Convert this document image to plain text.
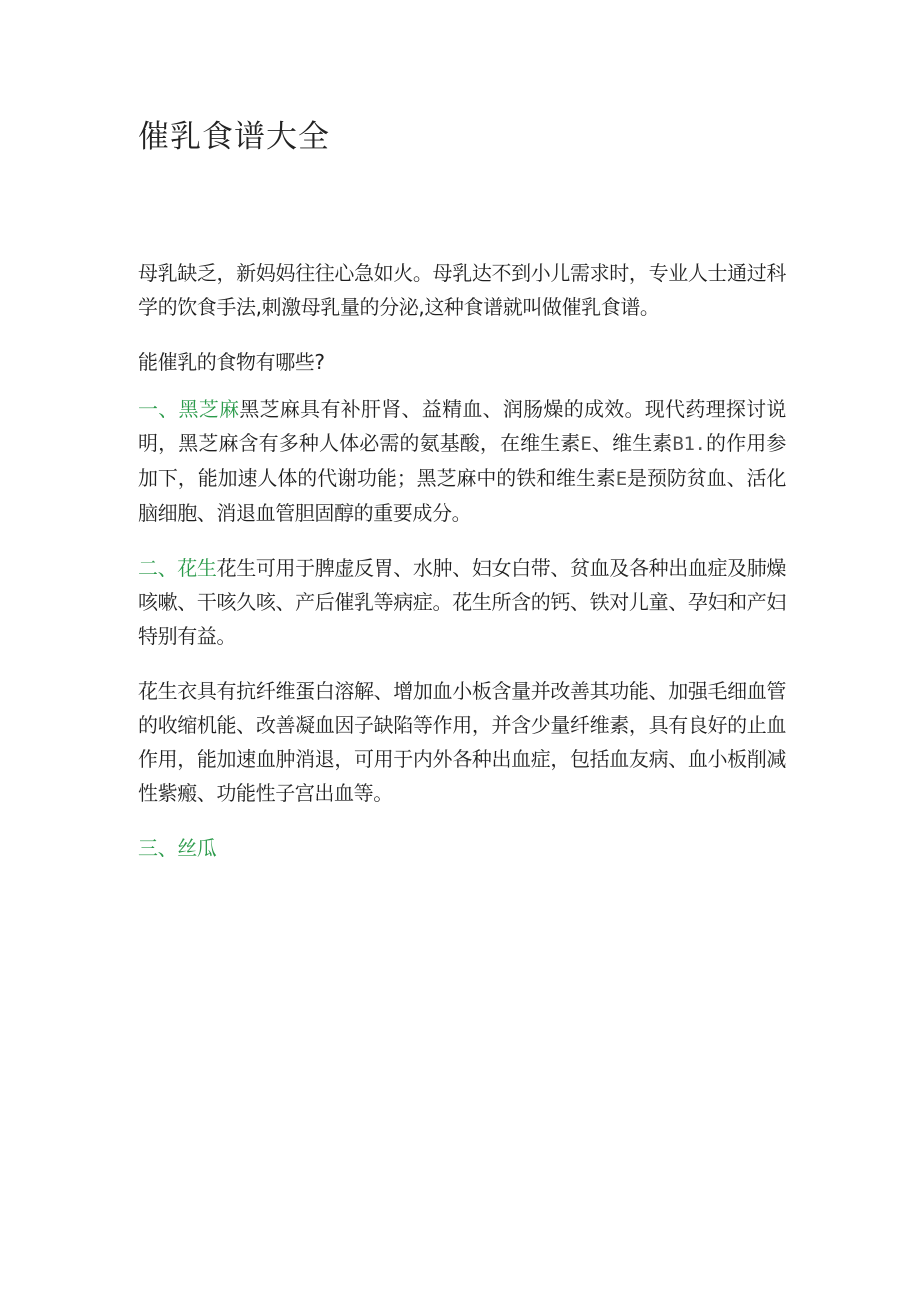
催乳食谱大全

母乳缺乏，新妈妈往往心急如火。母乳达不到小儿需求时，专业人士通过科学的饮食手法,刺激母乳量的分泌,这种食谱就叫做催乳食谱。

能催乳的食物有哪些?

一、黑芝麻黑芝麻具有补肝肾、益精血、润肠燥的成效。现代药理探讨说明，黑芝麻含有多种人体必需的氨基酸，在维生素E、维生素B1.的作用参加下，能加速人体的代谢功能；黑芝麻中的铁和维生素E是预防贫血、活化脑细胞、消退血管胆固醇的重要成分。

二、花生花生可用于脾虚反胃、水肿、妇女白带、贫血及各种出血症及肺燥咳嗽、干咳久咳、产后催乳等病症。花生所含的钙、铁对儿童、孕妇和产妇特别有益。

花生衣具有抗纤维蛋白溶解、增加血小板含量并改善其功能、加强毛细血管的收缩机能、改善凝血因子缺陷等作用，并含少量纤维素，具有良好的止血作用，能加速血肿消退，可用于内外各种出血症，包括血友病、血小板削减性紫瘢、功能性子宫出血等。

三、丝瓜
